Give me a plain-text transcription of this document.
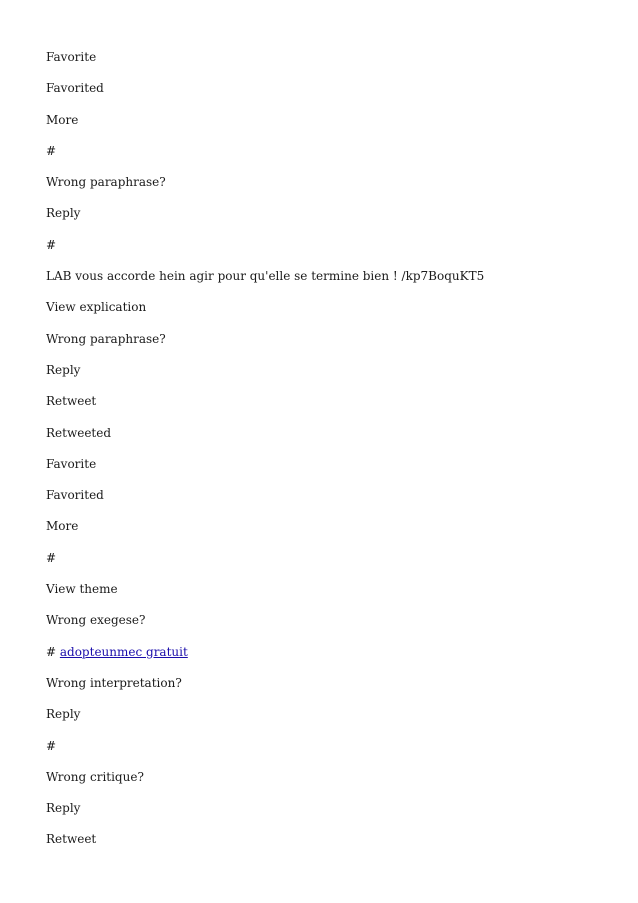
Favorite
Favorited
More
#
Wrong paraphrase?
Reply
#
LAB vous accorde hein agir pour qu'elle se termine bien ! /kp7BoquKT5
View explication
Wrong paraphrase?
Reply
Retweet
Retweeted
Favorite
Favorited
More
#
View theme
Wrong exegese?
# adopteunmec gratuit
Wrong interpretation?
Reply
#
Wrong critique?
Reply
Retweet
